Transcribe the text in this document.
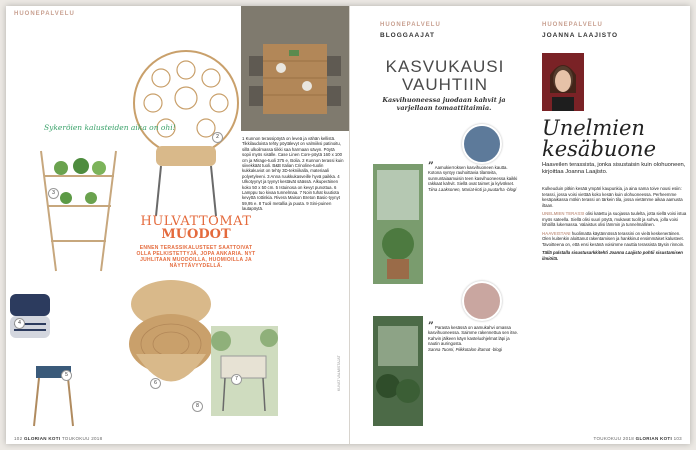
HUONEPALVELU
2
Sykeröien kalusteiden aika on ohi!
3
4
5
6
7
8
HULVATTOMAT
MUODOT
ENNEN TERASSIKALUSTEET SAATTOIVAT OLLA PELKISTETTYJÄ, JOPA ANKARIA. NYT JUHLITAAN MUODOILLA, HUOMIOILLA JA NÄYTTÄVYYDELLÄ.
1 Kunnon terassipöytä on leveä ja vähän kellistä. Tikkilaudoista tehty pöytälevyt on valmiiksi patinoitu, sillä ulkoilmassa tiikki saa harmaan sävyn. Pöytä sopii myös sisälle. Case Linen Core-pöytä 160 x 100 cm ja Mirage-tuoli 375 e, Bolia. 2 Kunnon terassi kuin siivekkäät tuoli. B&B Italian Crinoline-tuolin kukkakuviot on tehty 3D-tekniikalla, materiaali polyetyleeni. 3 Anna ruukkukasveille hyvä paikka. 4 Ulkotyynyt ja tyynyt kestävät säässä. Alkuperäinen koko 50 x 50 cm. 5 Istuinosa on kevyt punottua. 6 Lamppu tuo kivaa tunnelmaa. 7 Noin tuhat kuutiota kevyttä rottinkia. Rivera Maison Breton Basic-tyynyt 59,95 e. 8 Tuoli metallia ja puuta. 9 Sini-puinen lautapöytä.
KUVAT VALMISTAJAT
102 GLORIAN KOTI TOUKOKUU 2018
HUONEPALVELU
BLOGGAAJAT
KASVUKAUSI VAUHTIIN
Kasvihuoneessa juodaan kahvit ja varjellaan tomaattitaimia.
” Aamukierroksen kasvihuoneen kautta. Kotona syntyy rauhoittavia tilanteita, sunnuntaiaamuisin teen kasvihuoneessa kaikki rakkaat kahvit. Siellä ovat taimet ja kylvökset.
Tiina Laaksonen, Mariat-koti ja puutarha -blogi
” Parasta kesässä on aamukahvi omassa kasvihuoneessa. Saimme rakennettua sen itse. Kahvin jälkeen käyn kasteluohjelmat läpi ja nautin auringosta.
Sanna Tuomi, Piikkotalon iltamat -blogi
HUONEPALVELU
JOANNA LAAJISTO
Unelmien
kesäbuone
Haaveilen terassista, jonka sisustaisin kuin olohuoneen, kirjoittaa Joanna Laajisto.

Kulkeuduin pitkin kesää ympäri kaupunkia, ja aina sama toive nousi esiin: terassi, jossa voisi viettää koko kesän kuin olohuoneessa. Perheemme kesäpaikassa mökin terassi on tärkein tila, jossa vietämme aikaa aamusta iltaan.

UNELMIEN TERASSI olisi katettu ja suojassa tuulelta, jotta siellä voisi istua myös sateella. Siellä olisi suuri pöytä, mukavat tuolit ja sohva, jolla voisi löhöillä lukemassa. Valaistus olisi lämmin ja tunnelmallinen.

HAAVEISTANI huolimatta käytännössä terassini on vielä keskeneräinen. Olen kuitenkin aloittanut rakentamisen ja hankkinut ensimmäiset kalusteet. Tavoitteena on, että ensi kesänä voisimme nauttia terassista täysin rinnoin.

Tällä palstalla sisustusarkkitehti Joanna Laajisto pohtii sisustamisen ilmiöitä.

TOUKOKUU 2018 GLORIAN KOTI 103
